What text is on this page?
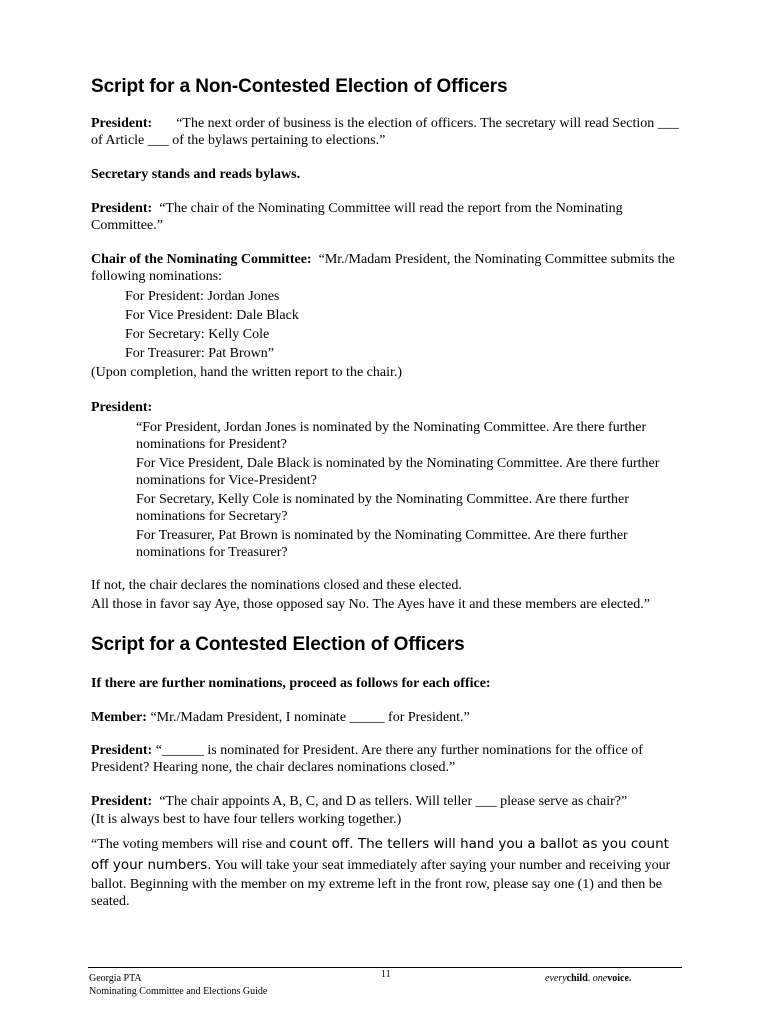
Script for a Non-Contested Election of Officers
President: “The next order of business is the election of officers. The secretary will read Section ___
of Article ___ of the bylaws pertaining to elections.”
Secretary stands and reads bylaws.
President: “The chair of the Nominating Committee will read the report from the Nominating
Committee.”
Chair of the Nominating Committee: “Mr./Madam President, the Nominating Committee submits the
following nominations:
For President: Jordan Jones
For Vice President: Dale Black
For Secretary: Kelly Cole
For Treasurer: Pat Brown”
(Upon completion, hand the written report to the chair.)
President:
“For President, Jordan Jones is nominated by the Nominating Committee. Are there further
nominations for President?
For Vice President, Dale Black is nominated by the Nominating Committee. Are there further
nominations for Vice-President?
For Secretary, Kelly Cole is nominated by the Nominating Committee. Are there further
nominations for Secretary?
For Treasurer, Pat Brown is nominated by the Nominating Committee. Are there further
nominations for Treasurer?
If not, the chair declares the nominations closed and these elected.
All those in favor say Aye, those opposed say No. The Ayes have it and these members are elected.”
Script for a Contested Election of Officers
If there are further nominations, proceed as follows for each office:
Member: “Mr./Madam President, I nominate _____ for President.”
President: “______ is nominated for President. Are there any further nominations for the office of
President? Hearing none, the chair declares nominations closed.”
President: “The chair appoints A, B, C, and D as tellers. Will teller ___ please serve as chair?”
(It is always best to have four tellers working together.)
“The voting members will rise and count off. The tellers will hand you a ballot as you count
off your numbers. You will take your seat immediately after saying your number and receiving your
ballot. Beginning with the member on my extreme left in the front row, please say one (1) and then be
seated.
Georgia PTA
Nominating Committee and Elections Guide
11	everychild. onevoice.
